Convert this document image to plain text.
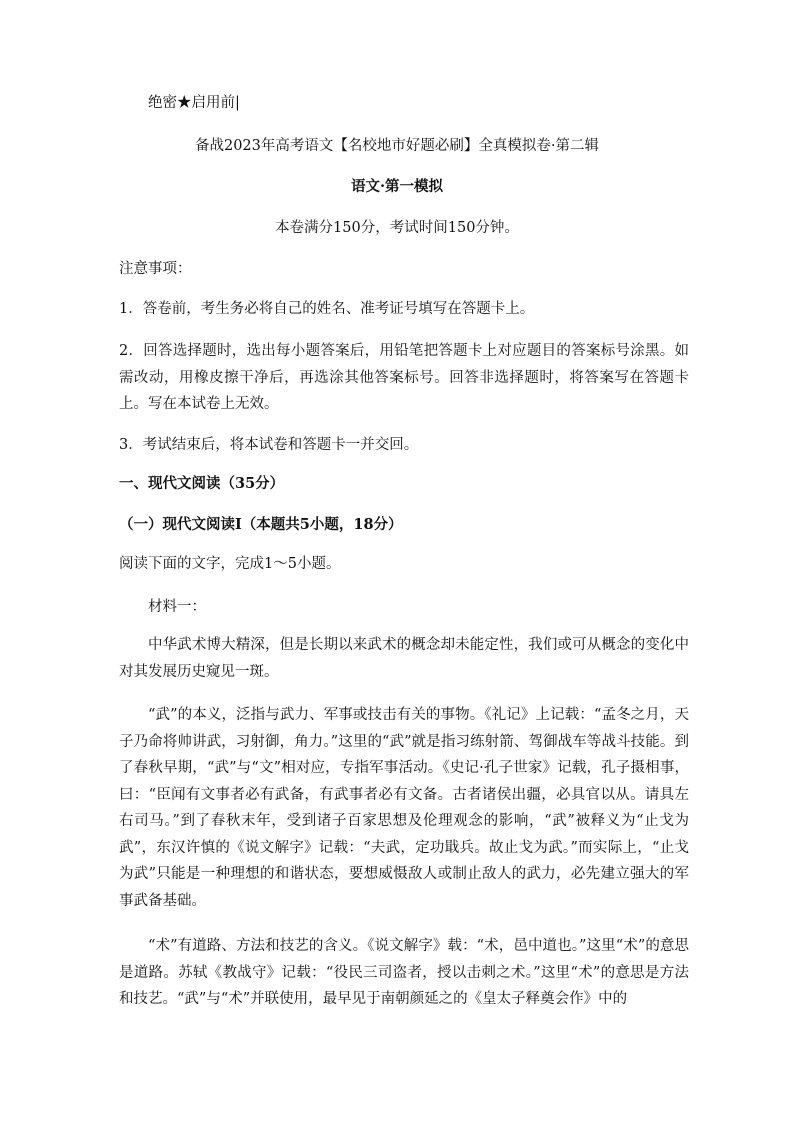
绝密★启用前|
备战2023年高考语文【名校地市好题必刷】全真模拟卷·第二辑
语文·第一模拟
本卷满分150分，考试时间150分钟。
注意事项：
1．答卷前，考生务必将自己的姓名、准考证号填写在答题卡上。
2．回答选择题时，选出每小题答案后，用铅笔把答题卡上对应题目的答案标号涂黑。如需改动，用橡皮擦干净后，再选涂其他答案标号。回答非选择题时，将答案写在答题卡上。写在本试卷上无效。
3．考试结束后，将本试卷和答题卡一并交回。
一、现代文阅读（35分）
（一）现代文阅读Ⅰ（本题共5小题，18分）
阅读下面的文字，完成1～5小题。
材料一：
中华武术博大精深，但是长期以来武术的概念却未能定性，我们或可从概念的变化中对其发展历史窥见一斑。
“武”的本义，泛指与武力、军事或技击有关的事物。《礼记》上记载：“孟冬之月，天子乃命将帅讲武，习射御，角力。”这里的“武”就是指习练射箭、驾御战车等战斗技能。到了春秋早期，“武”与“文”相对应，专指军事活动。《史记·孔子世家》记载，孔子摄相事，曰：“臣闻有文事者必有武备，有武事者必有文备。古者诸侯出疆，必具官以从。请具左右司马。”到了春秋末年，受到诸子百家思想及伦理观念的影响，“武”被释义为“止戈为武”，东汉许慎的《说文解字》记载：“夫武，定功戢兵。故止戈为武。”而实际上，“止戈为武”只能是一种理想的和谐状态，要想威慑敌人或制止敌人的武力，必先建立强大的军事武备基础。
“术”有道路、方法和技艺的含义。《说文解字》载：“术，邑中道也。”这里“术”的意思是道路。苏轼《教战守》记载：“役民三司盗者，授以击刺之术。”这里“术”的意思是方法和技艺。“武”与“术”并联使用，最早见于南朝颜延之的《皇太子释奠会作》中的
